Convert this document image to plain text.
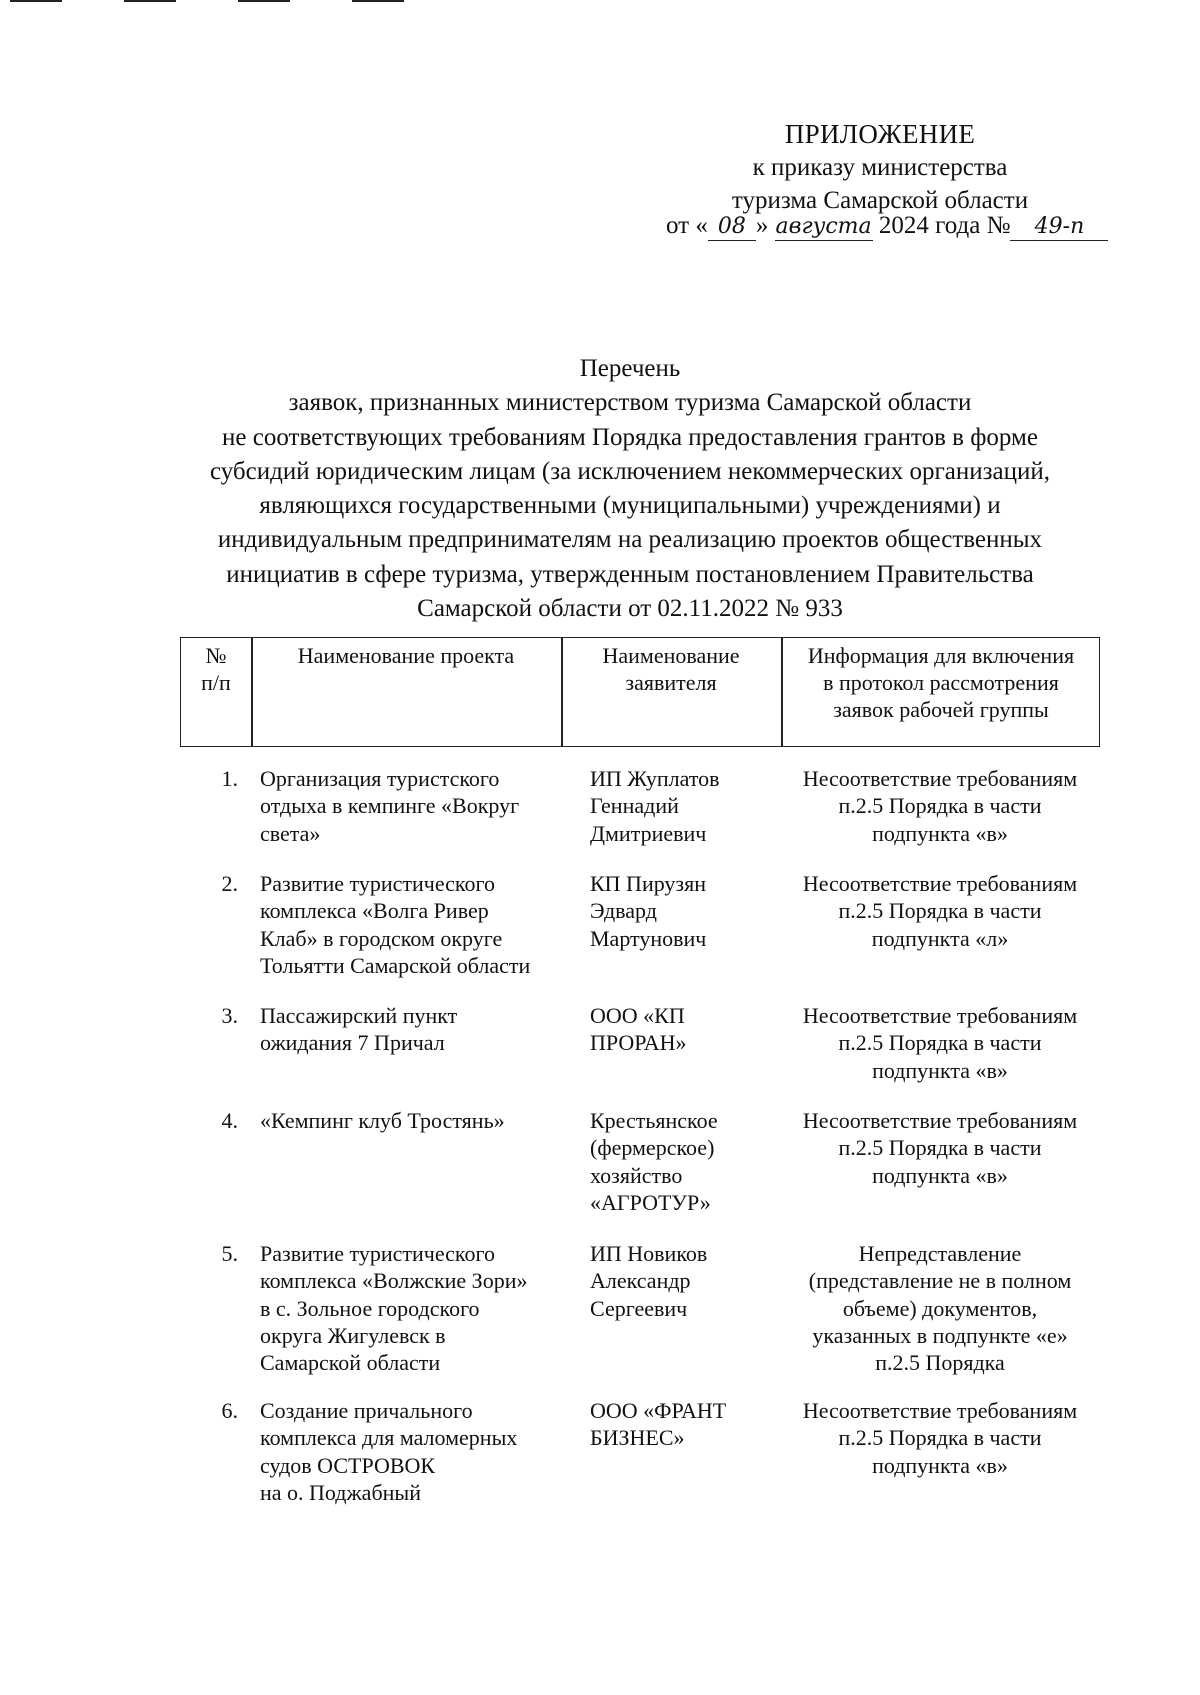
ПРИЛОЖЕНИЕ
к приказу министерства
туризма Самарской области
от « 08 » августа 2024 года № 49-п
Перечень
заявок, признанных министерством туризма Самарской области
не соответствующих требованиям Порядка предоставления грантов в форме
субсидий юридическим лицам (за исключением некоммерческих организаций,
являющихся государственными (муниципальными) учреждениями) и
индивидуальным предпринимателям на реализацию проектов общественных
инициатив в сфере туризма, утвержденным постановлением Правительства
Самарской области от 02.11.2022 № 933
№
п/п
Наименование проекта	Наименование
заявителя
Информация для включения
в протокол рассмотрения
заявок рабочей группы
1. Организация туристского
отдыха в кемпинге «Вокруг
света»
ИП Жуплатов
Геннадий
Дмитриевич
Несоответствие требованиям
п.2.5 Порядка в части
подпункта «в»
2. Развитие туристического
комплекса «Волга Ривер
Клаб» в городском округе
Тольятти Самарской области
КП Пирузян
Эдвард
Мартунович
Несоответствие требованиям
п.2.5 Порядка в части
подпункта «л»
3. Пассажирский пункт
ожидания 7 Причал
ООО «КП
ПРОРАН»
Несоответствие требованиям
п.2.5 Порядка в части
подпункта «в»
4. «Кемпинг клуб Тростянь»	Крестьянское
(фермерское)
хозяйство
«АГРОТУР»
Несоответствие требованиям
п.2.5 Порядка в части
подпункта «в»
5. Развитие туристического
комплекса «Волжские Зори»
в с. Зольное городского
округа Жигулевск в
Самарской области
ИП Новиков
Александр
Сергеевич
Непредставление
(представление не в полном
объеме) документов,
указанных в подпункте «е»
п.2.5 Порядка
6. Создание причального
комплекса для маломерных
судов ОСТРОВОК
на о. Поджабный
ООО «ФРАНТ
БИЗНЕС»
Несоответствие требованиям
п.2.5 Порядка в части
подпункта «в»
